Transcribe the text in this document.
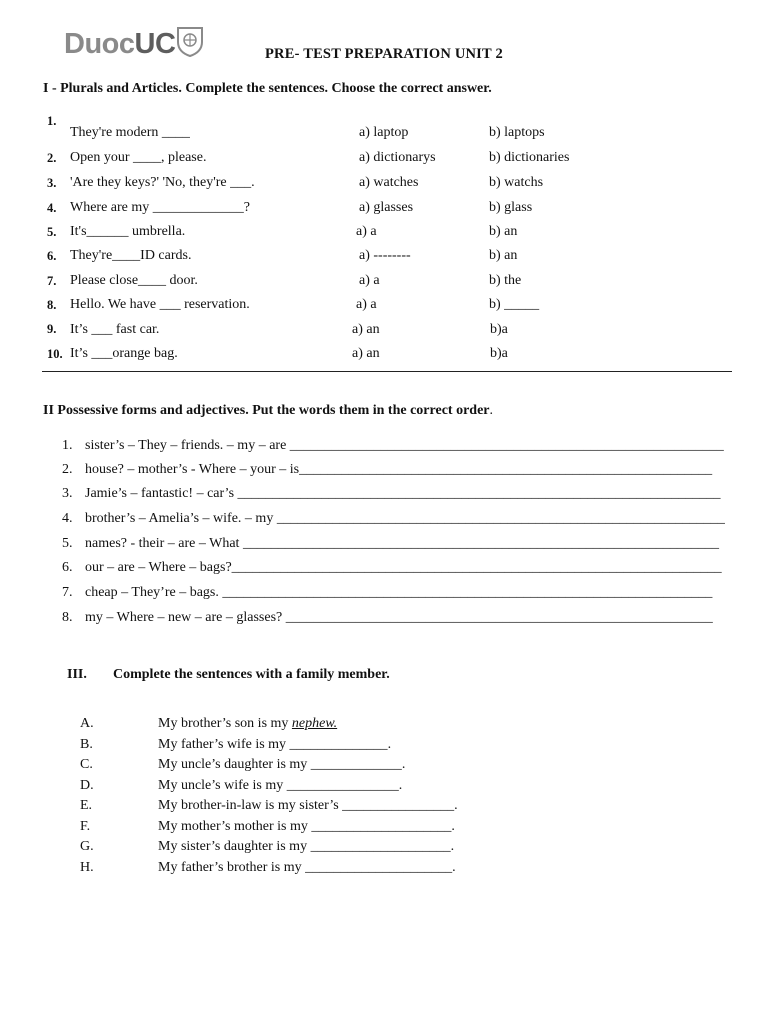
Duoc UC	PRE- TEST PREPARATION UNIT 2
I - Plurals and Articles. Complete the sentences. Choose the correct answer.
1.
They're modern ____	a) laptop	b) laptops
2. Open your ____, please.	a) dictionarys	b) dictionaries
3. 'Are they keys?' 'No, they're ___.	a) watches	b) watchs
4. Where are my _____________?	a) glasses	b) glass
5. It's______ umbrella.	a) a	b) an
6. They're____ID cards.	a) --------	b) an
7. Please close____ door.	a) a	b) the
8. Hello. We have ___ reservation.	a) a	b) _____
9. It’s ___ fast car.	a) an	b)a
10. It’s ___orange bag.	a) an	b)a
II Possessive forms and adjectives. Put the words them in the correct order.
1. sister’s – They – friends. – my – are ______________________________________________________________
2. house? – mother’s - Where – your – is___________________________________________________________
3. Jamie’s – fantastic! – car’s _____________________________________________________________________
4. brother’s – Amelia’s – wife. – my ________________________________________________________________
5. names? - their – are – What ____________________________________________________________________
6. our – are – Where – bags?______________________________________________________________________
7. cheap – They’re – bags. ______________________________________________________________________
8. my – Where – new – are – glasses? _____________________________________________________________
III. Complete the sentences with a family member.
A.	My brother’s son is my nephew.
B.	My father’s wife is my ______________.
C.	My uncle’s daughter is my _____________.
D.	My uncle’s wife is my ________________.
E.	My brother-in-law is my sister’s ________________.
F.	My mother’s mother is my ____________________.
G.	My sister’s daughter is my ____________________.
H.	My father’s brother is my _____________________.
